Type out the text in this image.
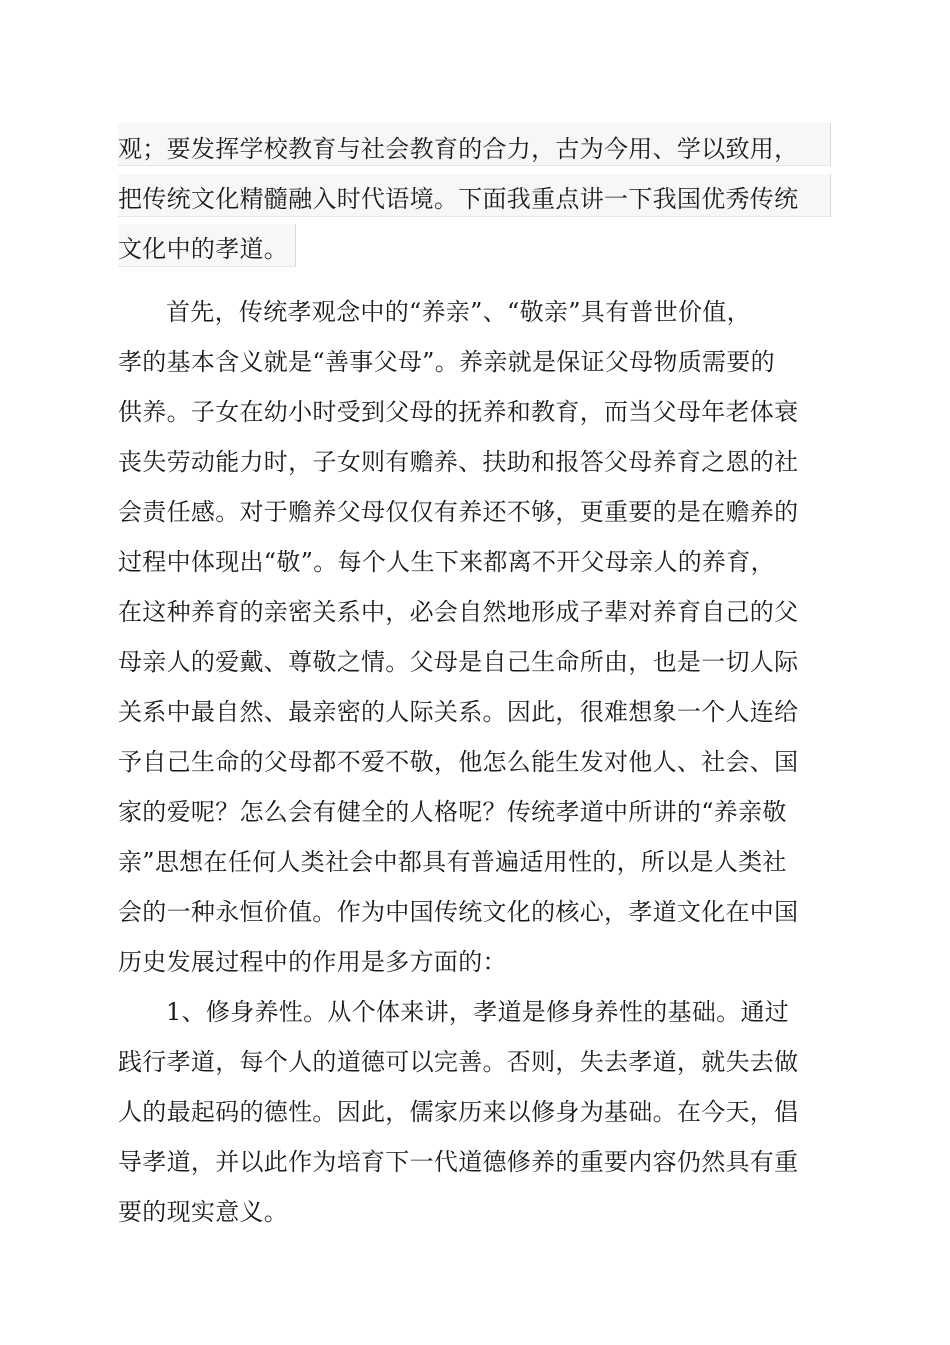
观；要发挥学校教育与社会教育的合力，古为今用、学以致用，
把传统文化精髓融入时代语境。下面我重点讲一下我国优秀传统
文化中的孝道。
首先，传统孝观念中的“养亲”、“敬亲”具有普世价值，
孝的基本含义就是“善事父母”。养亲就是保证父母物质需要的
供养。子女在幼小时受到父母的抚养和教育，而当父母年老体衰
丧失劳动能力时，子女则有赡养、扶助和报答父母养育之恩的社
会责任感。对于赡养父母仅仅有养还不够，更重要的是在赡养的
过程中体现出“敬”。每个人生下来都离不开父母亲人的养育，
在这种养育的亲密关系中，必会自然地形成子辈对养育自己的父
母亲人的爱戴、尊敬之情。父母是自己生命所由，也是一切人际
关系中最自然、最亲密的人际关系。因此，很难想象一个人连给
予自己生命的父母都不爱不敬，他怎么能生发对他人、社会、国
家的爱呢？怎么会有健全的人格呢？传统孝道中所讲的“养亲敬
亲”思想在任何人类社会中都具有普遍适用性的，所以是人类社
会的一种永恒价值。作为中国传统文化的核心，孝道文化在中国
历史发展过程中的作用是多方面的：
1、修身养性。从个体来讲，孝道是修身养性的基础。通过
践行孝道，每个人的道德可以完善。否则，失去孝道，就失去做
人的最起码的德性。因此，儒家历来以修身为基础。在今天，倡
导孝道，并以此作为培育下一代道德修养的重要内容仍然具有重
要的现实意义。
